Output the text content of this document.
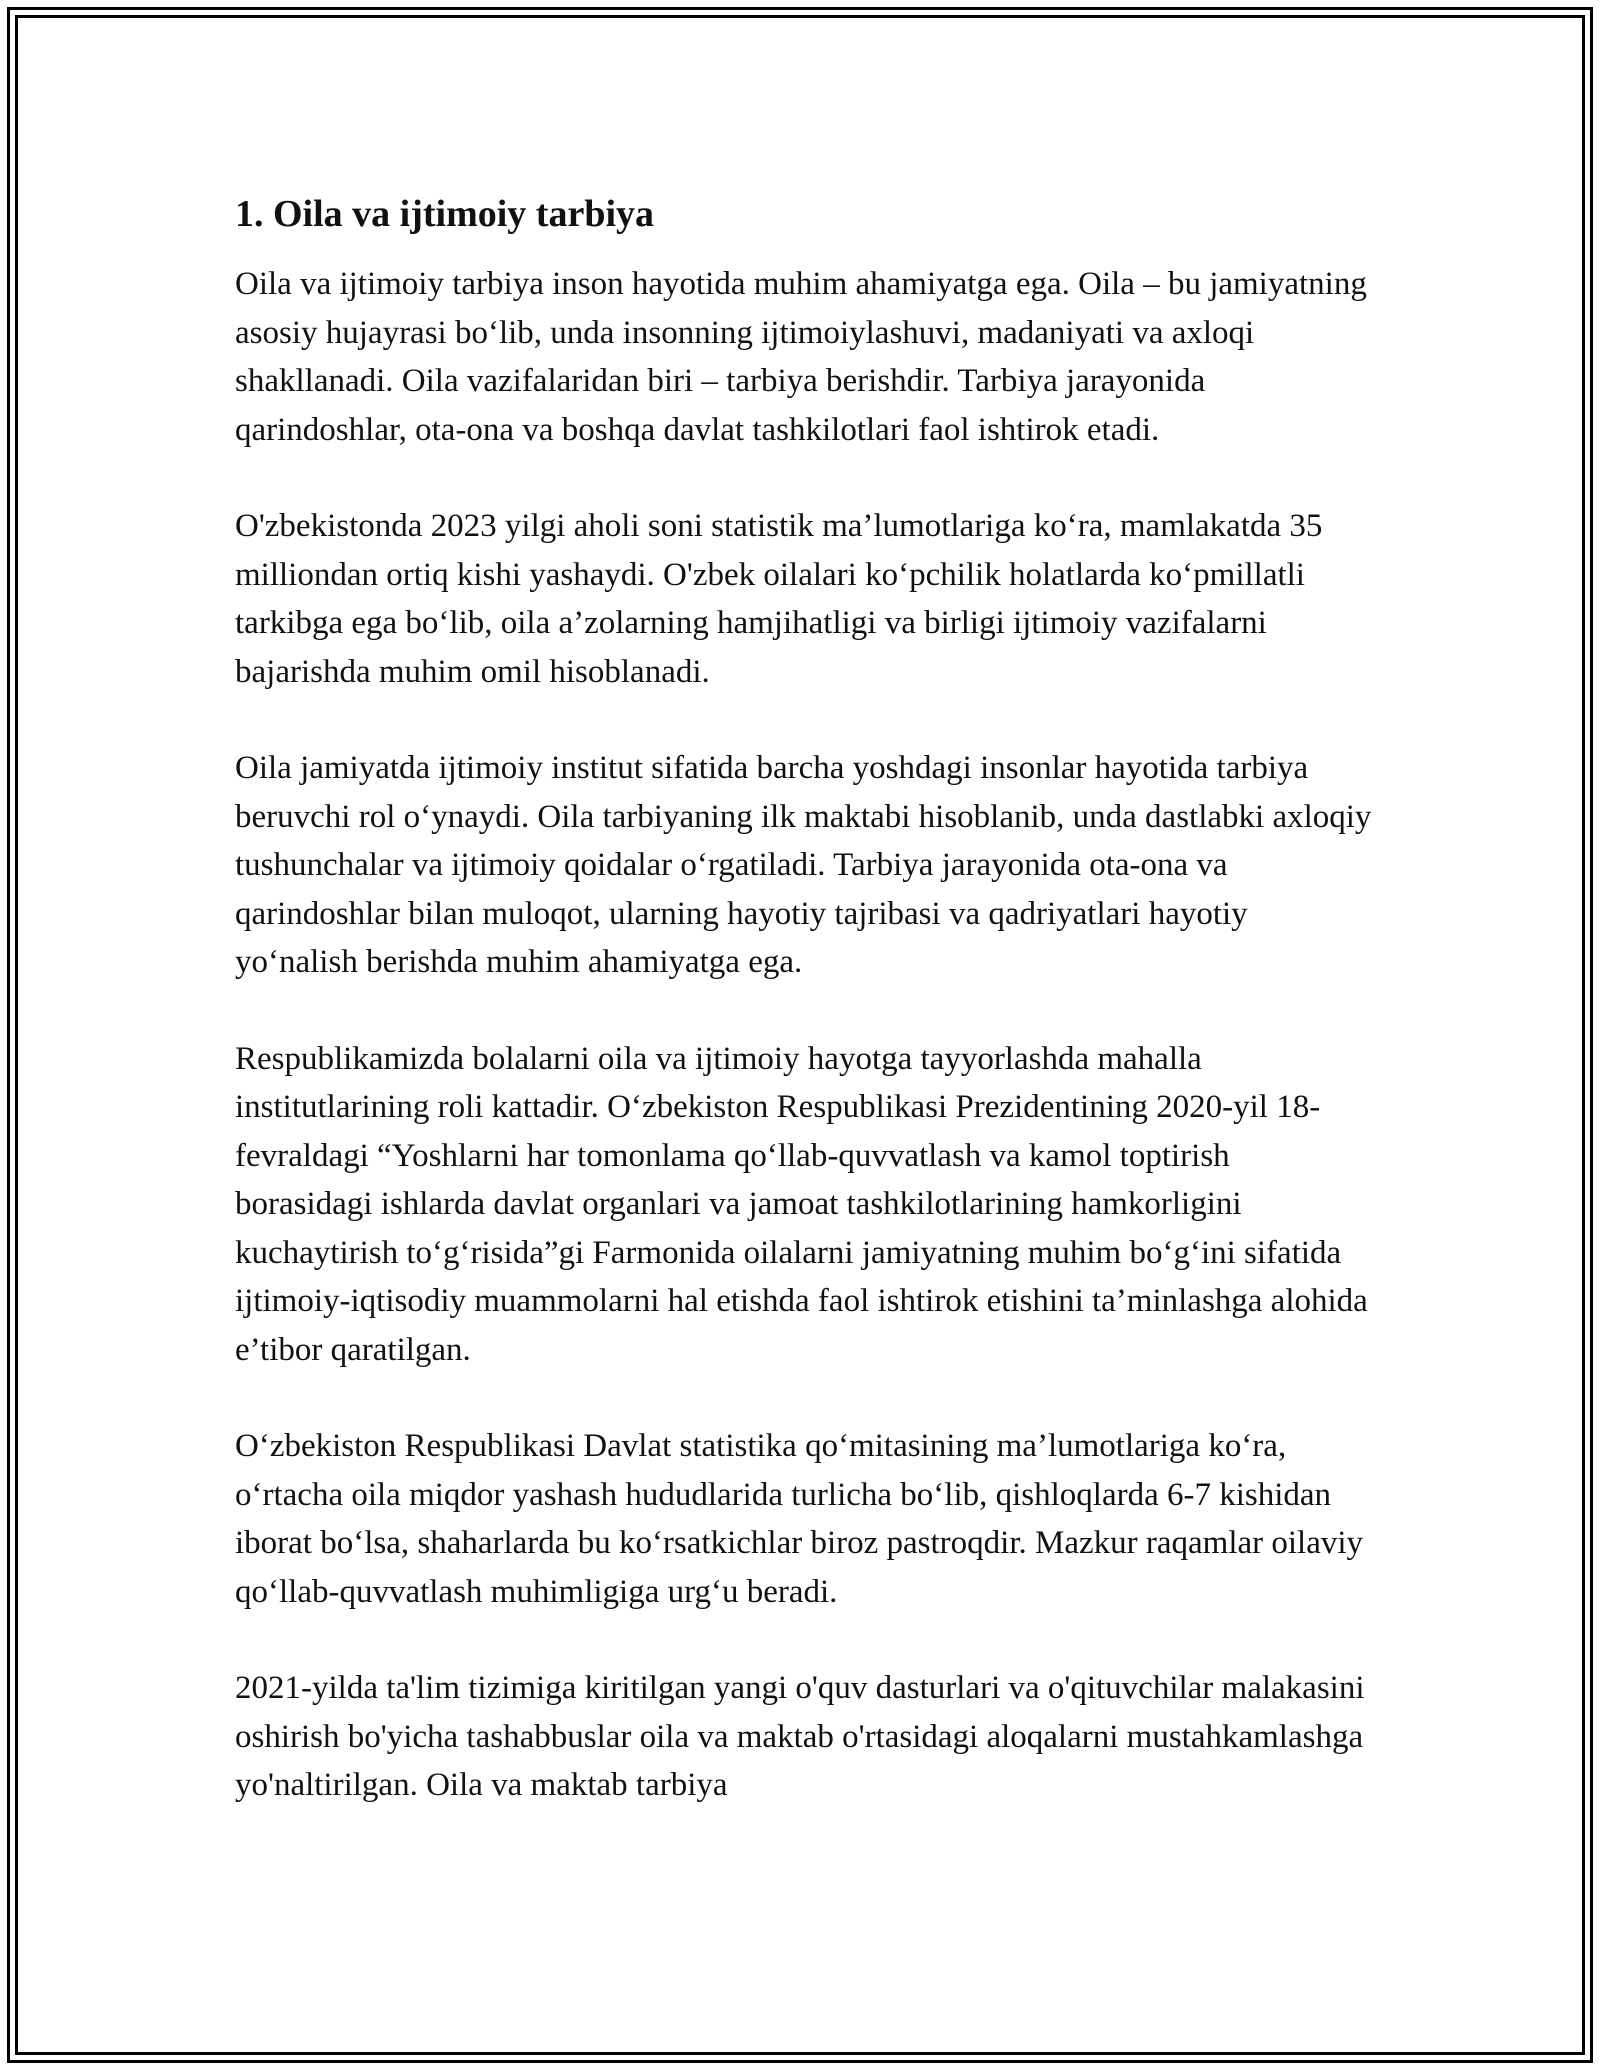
1. Oila va ijtimoiy tarbiya

Oila va ijtimoiy tarbiya inson hayotida muhim ahamiyatga ega. Oila – bu jamiyatning asosiy hujayrasi bo‘lib, unda insonning ijtimoiylashuvi, madaniyati va axloqi shakllanadi. Oila vazifalaridan biri – tarbiya berishdir. Tarbiya jarayonida qarindoshlar, ota-ona va boshqa davlat tashkilotlari faol ishtirok etadi.

O'zbekistonda 2023 yilgi aholi soni statistik ma’lumotlariga ko‘ra, mamlakatda 35 milliondan ortiq kishi yashaydi. O'zbek oilalari ko‘pchilik holatlarda ko‘pmillatli tarkibga ega bo‘lib, oila a’zolarning hamjihatligi va birligi ijtimoiy vazifalarni bajarishda muhim omil hisoblanadi.

Oila jamiyatda ijtimoiy institut sifatida barcha yoshdagi insonlar hayotida tarbiya beruvchi rol o‘ynaydi. Oila tarbiyaning ilk maktabi hisoblanib, unda dastlabki axloqiy tushunchalar va ijtimoiy qoidalar o‘rgatiladi. Tarbiya jarayonida ota-ona va qarindoshlar bilan muloqot, ularning hayotiy tajribasi va qadriyatlari hayotiy yo‘nalish berishda muhim ahamiyatga ega.

Respublikamizda bolalarni oila va ijtimoiy hayotga tayyorlashda mahalla institutlarining roli kattadir. O‘zbekiston Respublikasi Prezidentining 2020-yil 18-fevraldagi “Yoshlarni har tomonlama qo‘llab-quvvatlash va kamol toptirish borasidagi ishlarda davlat organlari va jamoat tashkilotlarining hamkorligini kuchaytirish to‘g‘risida”gi Farmonida oilalarni jamiyatning muhim bo‘g‘ini sifatida ijtimoiy-iqtisodiy muammolarni hal etishda faol ishtirok etishini ta’minlashga alohida e’tibor qaratilgan.

O‘zbekiston Respublikasi Davlat statistika qo‘mitasining ma’lumotlariga ko‘ra, o‘rtacha oila miqdor yashash hududlarida turlicha bo‘lib, qishloqlarda 6-7 kishidan iborat bo‘lsa, shaharlarda bu ko‘rsatkichlar biroz pastroqdir. Mazkur raqamlar oilaviy qo‘llab-quvvatlash muhimligiga urg‘u beradi.

2021-yilda ta'lim tizimiga kiritilgan yangi o'quv dasturlari va o'qituvchilar malakasini oshirish bo'yicha tashabbuslar oila va maktab o'rtasidagi aloqalarni mustahkamlashga yo'naltirilgan. Oila va maktab tarbiya
